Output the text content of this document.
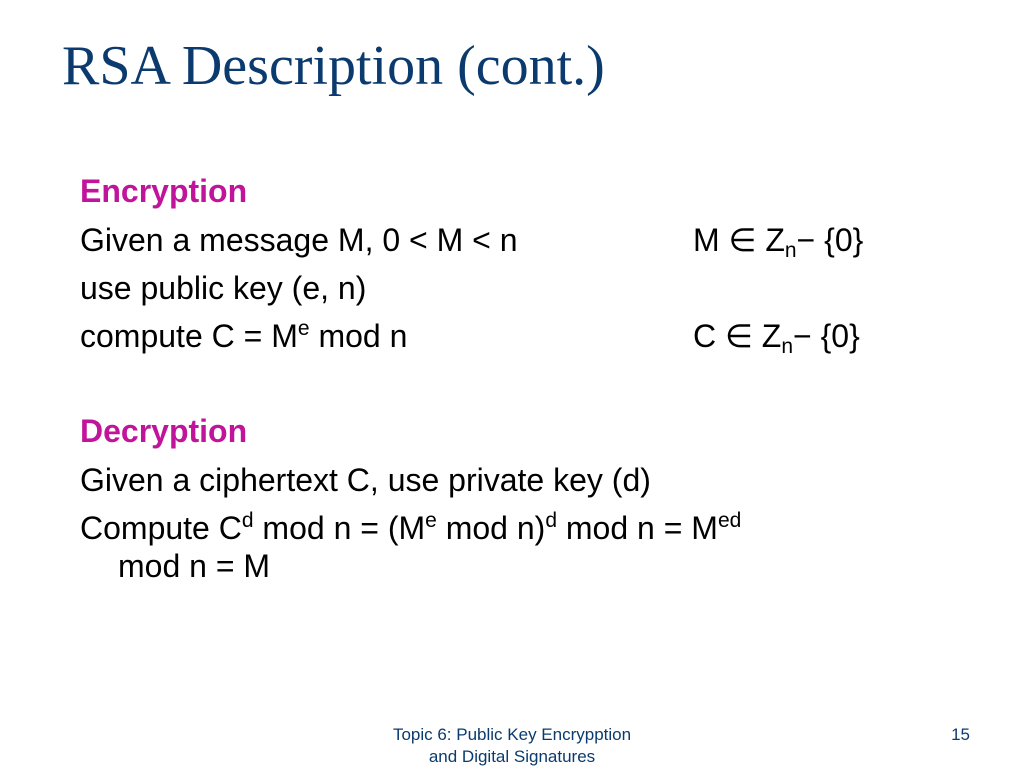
RSA Description (cont.)
Encryption
Given a message M, 0 < M < n	M ∈ $Z_n- \{0\}$
use public key (e, n)
compute $C = M^e$ mod n	C ∈ $Z_n- \{0\}$
Decryption
Given a ciphertext C, use private key (d)
Compute $C^d$ mod $n = (M^e$ mod n)$^d$ mod $n = M^{ed}$
mod n = M
Topic 6: Public Key Encrypption
and Digital Signatures
15
